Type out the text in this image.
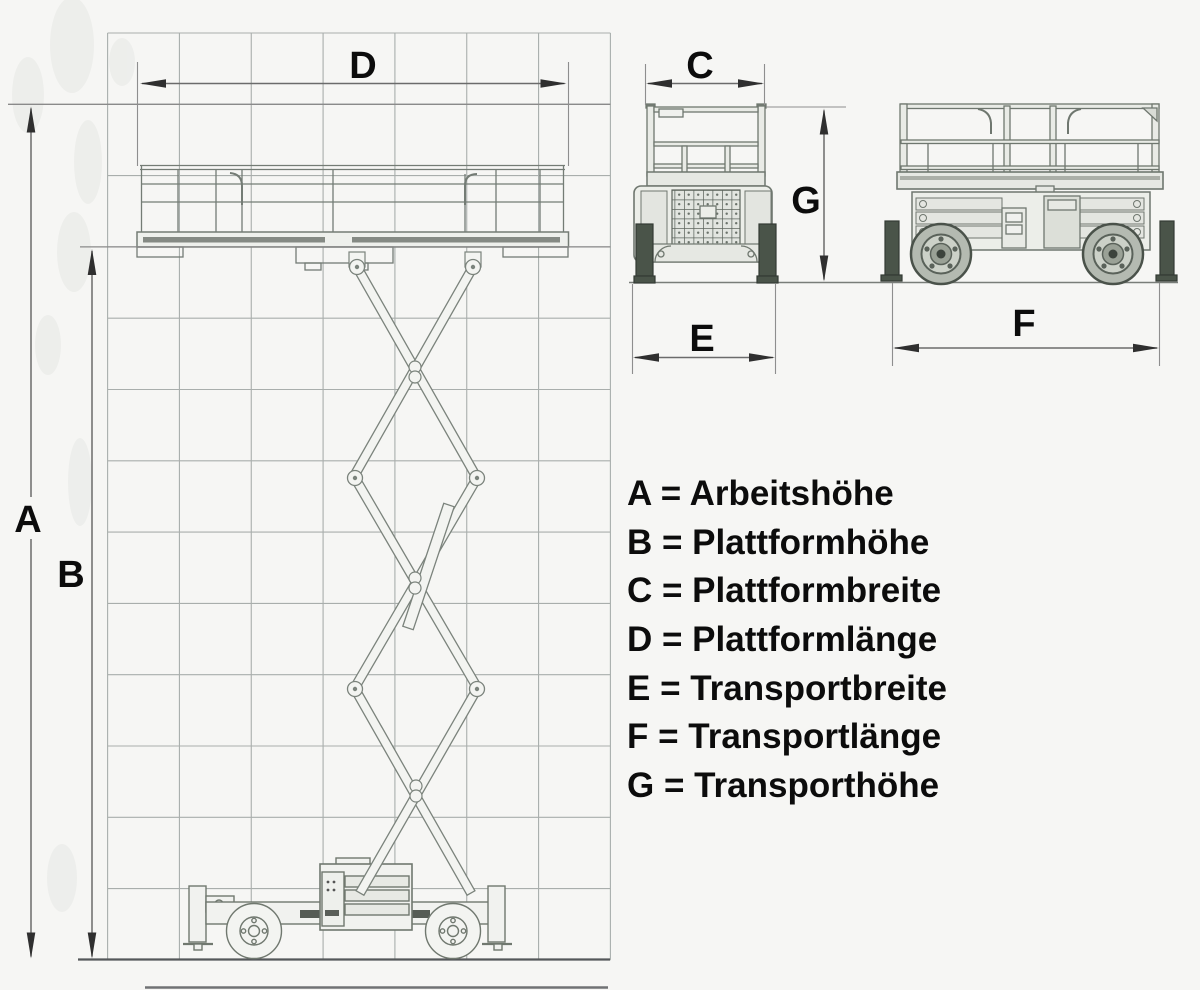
D	C
E	F
A
B
G
A = Arbeitshöhe
B = Plattformhöhe
C = Plattformbreite
D = Plattformlänge
E = Transportbreite
F = Transportlänge
G = Transporthöhe
